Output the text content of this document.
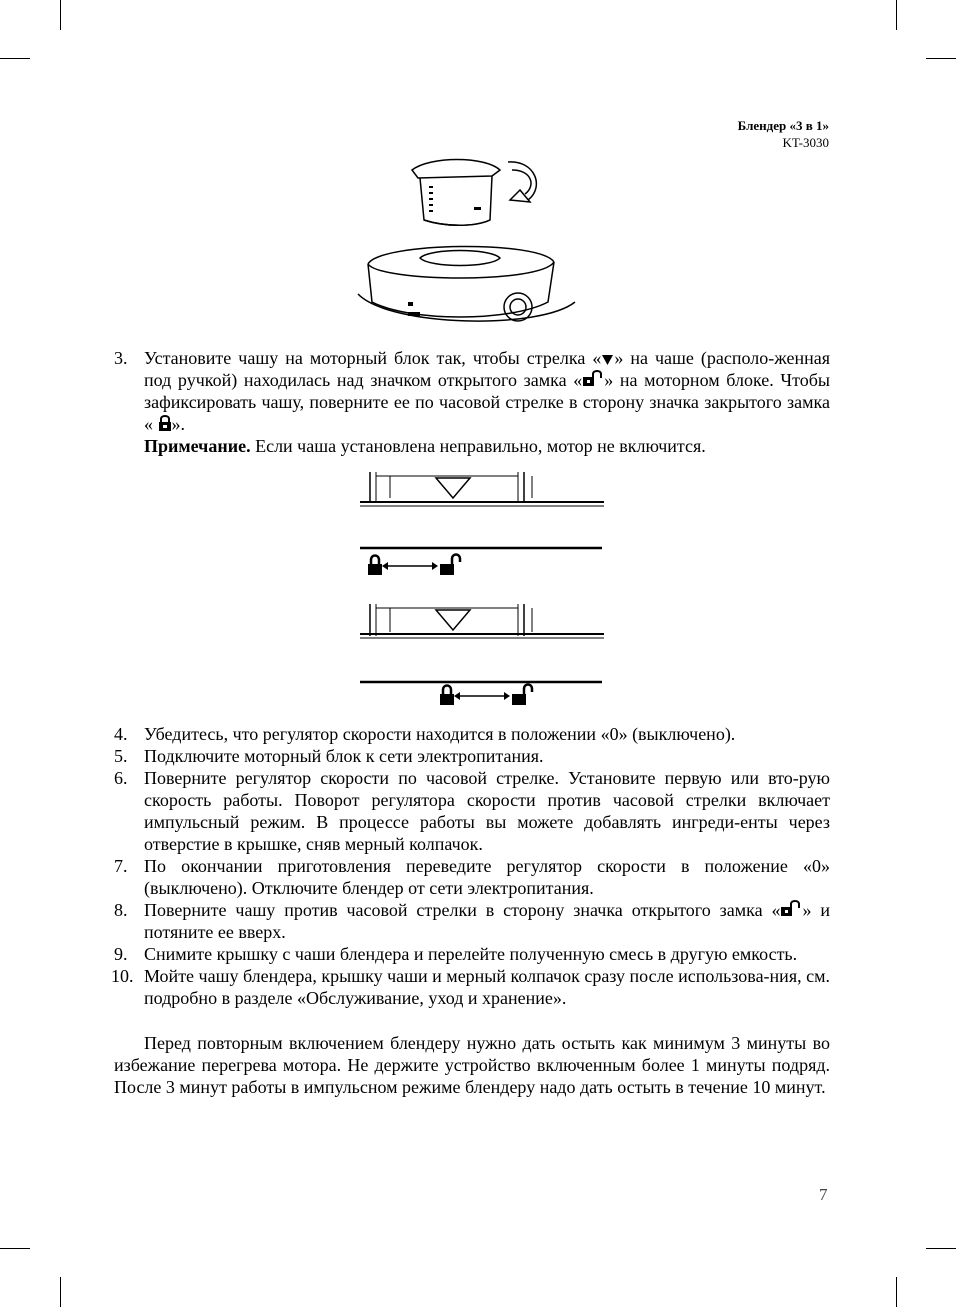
Блендер «3 в 1»
KT-3030
3. Установите чашу на моторный блок так, чтобы стрелка « » на чаше (располо-женная под ручкой) находилась над значком открытого замка « » на моторном блоке. Чтобы зафиксировать чашу, поверните ее по часовой стрелке в сторону значка закрытого замка « ».
Примечание. Если чаша установлена неправильно, мотор не включится.
4. Убедитесь, что регулятор скорости находится в положении «0» (выключено).
5. Подключите моторный блок к сети электропитания.
6. Поверните регулятор скорости по часовой стрелке. Установите первую или вто-рую скорость работы. Поворот регулятора скорости против часовой стрелки включает импульсный режим. В процессе работы вы можете добавлять ингреди-енты через отверстие в крышке, сняв мерный колпачок.
7. По окончании приготовления переведите регулятор скорости в положение «0» (выключено). Отключите блендер от сети электропитания.
8. Поверните чашу против часовой стрелки в сторону значка открытого замка « » и потяните ее вверх.
9. Снимите крышку с чаши блендера и перелейте полученную смесь в другую емкость.
10. Мойте чашу блендера, крышку чаши и мерный колпачок сразу после использова-ния, см. подробно в разделе «Обслуживание, уход и хранение».

Перед повторным включением блендеру нужно дать остыть как минимум 3 минуты во избежание перегрева мотора. Не держите устройство включенным более 1 минуты подряд. После 3 минут работы в импульсном режиме блендеру надо дать остыть в течение 10 минут.

7
